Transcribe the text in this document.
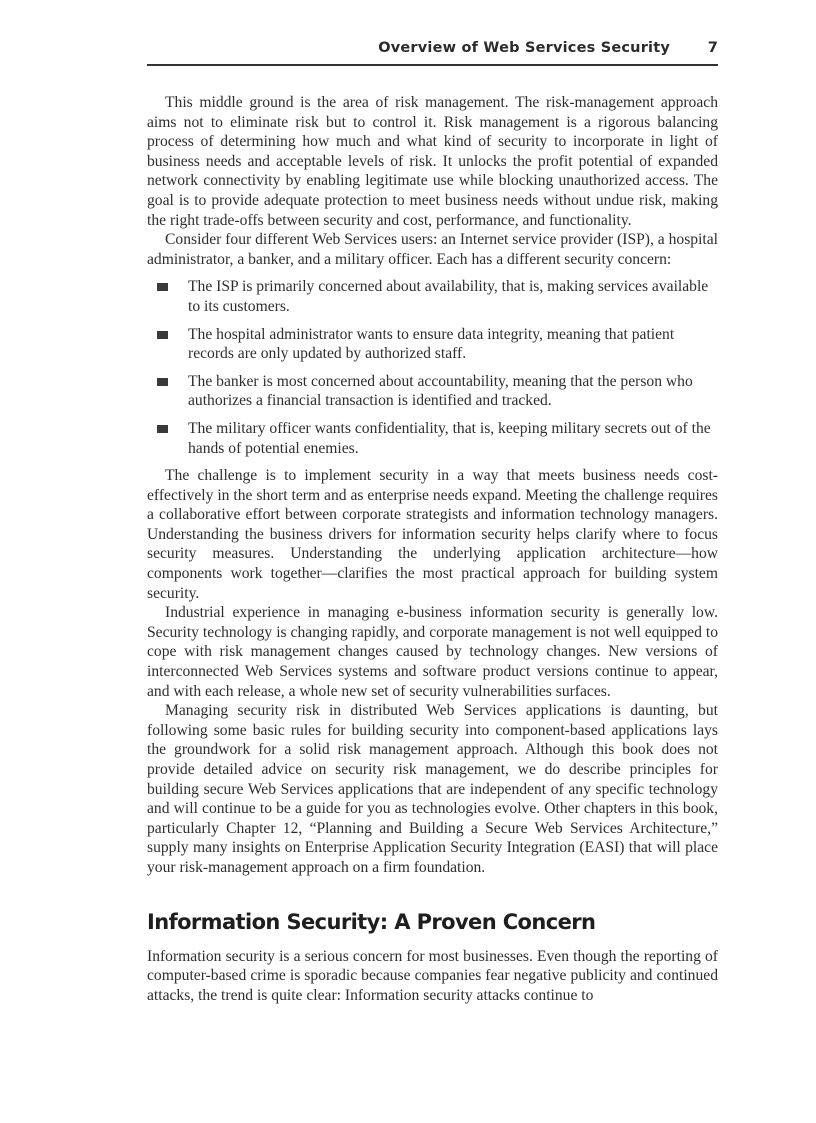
Overview of Web Services Security	7

This middle ground is the area of risk management. The risk-management approach aims not to eliminate risk but to control it. Risk management is a rigorous balancing process of determining how much and what kind of security to incorporate in light of business needs and acceptable levels of risk. It unlocks the profit potential of expanded network connectivity by enabling legitimate use while blocking unauthorized access. The goal is to provide adequate protection to meet business needs without undue risk, making the right trade-offs between security and cost, performance, and functionality.

Consider four different Web Services users: an Internet service provider (ISP), a hospital administrator, a banker, and a military officer. Each has a different security concern:

The ISP is primarily concerned about availability, that is, making services available to its customers.
The hospital administrator wants to ensure data integrity, meaning that patient records are only updated by authorized staff.
The banker is most concerned about accountability, meaning that the person who authorizes a financial transaction is identified and tracked.
The military officer wants confidentiality, that is, keeping military secrets out of the hands of potential enemies.

The challenge is to implement security in a way that meets business needs cost-effectively in the short term and as enterprise needs expand. Meeting the challenge requires a collaborative effort between corporate strategists and information technology managers. Understanding the business drivers for information security helps clarify where to focus security measures. Understanding the underlying application architecture—how components work together—clarifies the most practical approach for building system security.

Industrial experience in managing e-business information security is generally low. Security technology is changing rapidly, and corporate management is not well equipped to cope with risk management changes caused by technology changes. New versions of interconnected Web Services systems and software product versions continue to appear, and with each release, a whole new set of security vulnerabilities surfaces.

Managing security risk in distributed Web Services applications is daunting, but following some basic rules for building security into component-based applications lays the groundwork for a solid risk management approach. Although this book does not provide detailed advice on security risk management, we do describe principles for building secure Web Services applications that are independent of any specific technology and will continue to be a guide for you as technologies evolve. Other chapters in this book, particularly Chapter 12, “Planning and Building a Secure Web Services Architecture,” supply many insights on Enterprise Application Security Integration (EASI) that will place your risk-management approach on a firm foundation.

Information Security: A Proven Concern

Information security is a serious concern for most businesses. Even though the reporting of computer-based crime is sporadic because companies fear negative publicity and continued attacks, the trend is quite clear: Information security attacks continue to
